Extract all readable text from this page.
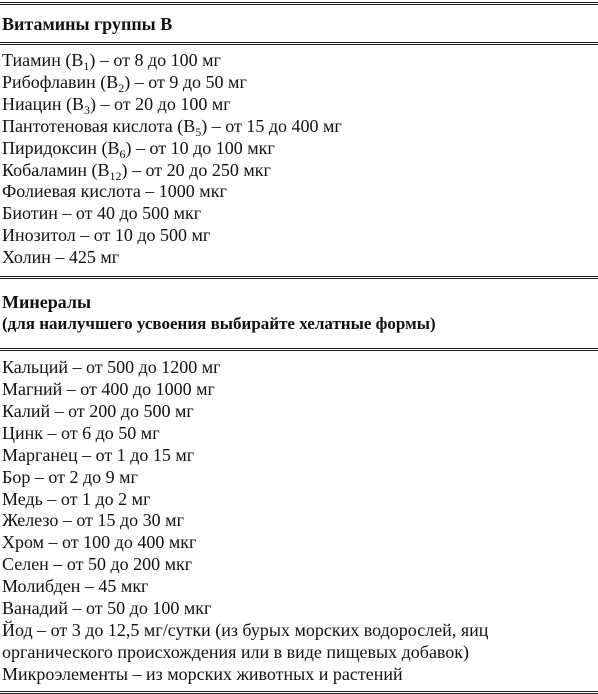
Витамины группы B
Тиамин $(B_1)$ – от 8 до 100 мг
Рибофлавин $(B_2)$ – от 9 до 50 мг
Ниацин $(B_3)$ – от 20 до 100 мг
Пантотеновая кислота $(B_5)$ – от 15 до 400 мг
Пиридоксин $(B_6)$ – от 10 до 100 мкг
Кобаламин $(B_{12})$ – от 20 до 250 мкг
Фолиевая кислота – 1000 мкг
Биотин – от 40 до 500 мкг
Инозитол – от 10 до 500 мг
Холин – 425 мг
Минералы
(для наилучшего усвоения выбирайте хелатные формы)
Кальций – от 500 до 1200 мг
Магний – от 400 до 1000 мг
Калий – от 200 до 500 мг
Цинк – от 6 до 50 мг
Марганец – от 1 до 15 мг
Бор – от 2 до 9 мг
Медь – от 1 до 2 мг
Железо – от 15 до 30 мг
Хром – от 100 до 400 мкг
Селен – от 50 до 200 мкг
Молибден – 45 мкг
Ванадий – от 50 до 100 мкг
Йод – от 3 до 12,5 мг/сутки (из бурых морских водорослей, яиц органического происхождения или в виде пищевых добавок)
Микроэлементы – из морских животных и растений
